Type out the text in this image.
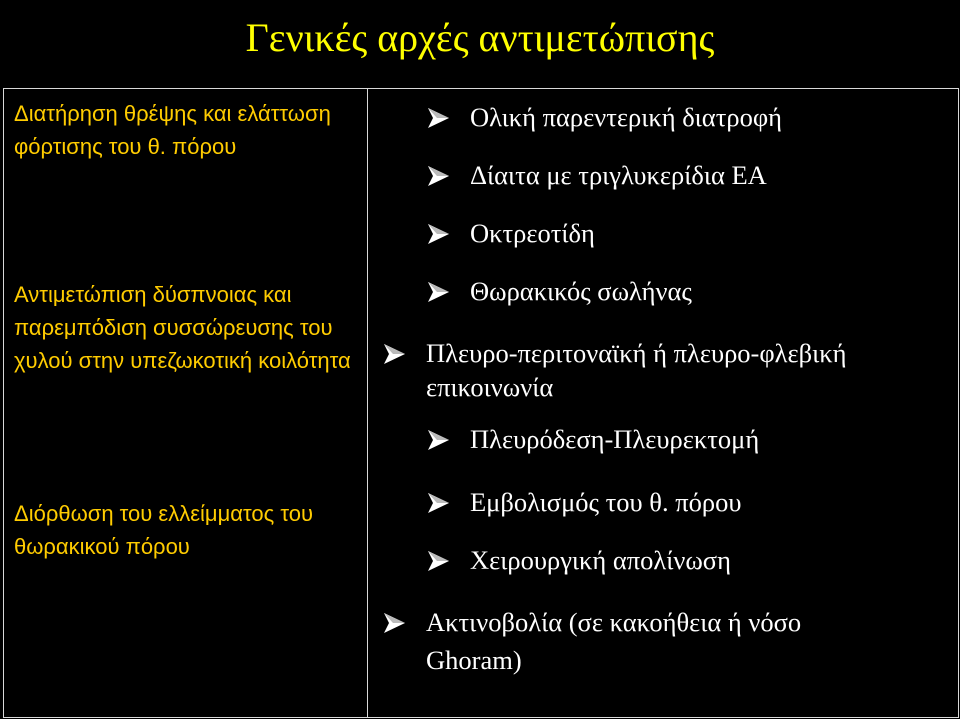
Γενικές αρχές αντιμετώπισης
Διατήρηση θρέψης και ελάττωση φόρτισης του θ. πόρου
Αντιμετώπιση δύσπνοιας και παρεμπόδιση συσσώρευσης του χυλού στην υπεζωκοτική κοιλότητα
Διόρθωση του ελλείμματος του θωρακικού πόρου
Ολική παρεντερική διατροφή
Δίαιτα με τριγλυκερίδια ΕΑ
Οκτρεοτίδη
Θωρακικός σωλήνας
Πλευρο-περιτοναϊκή ή πλευρο-φλεβική επικοινωνία
Πλευρόδεση-Πλευρεκτομή
Εμβολισμός του θ. πόρου
Χειρουργική απολίνωση
Ακτινοβολία (σε κακοήθεια ή νόσο Ghoram)
